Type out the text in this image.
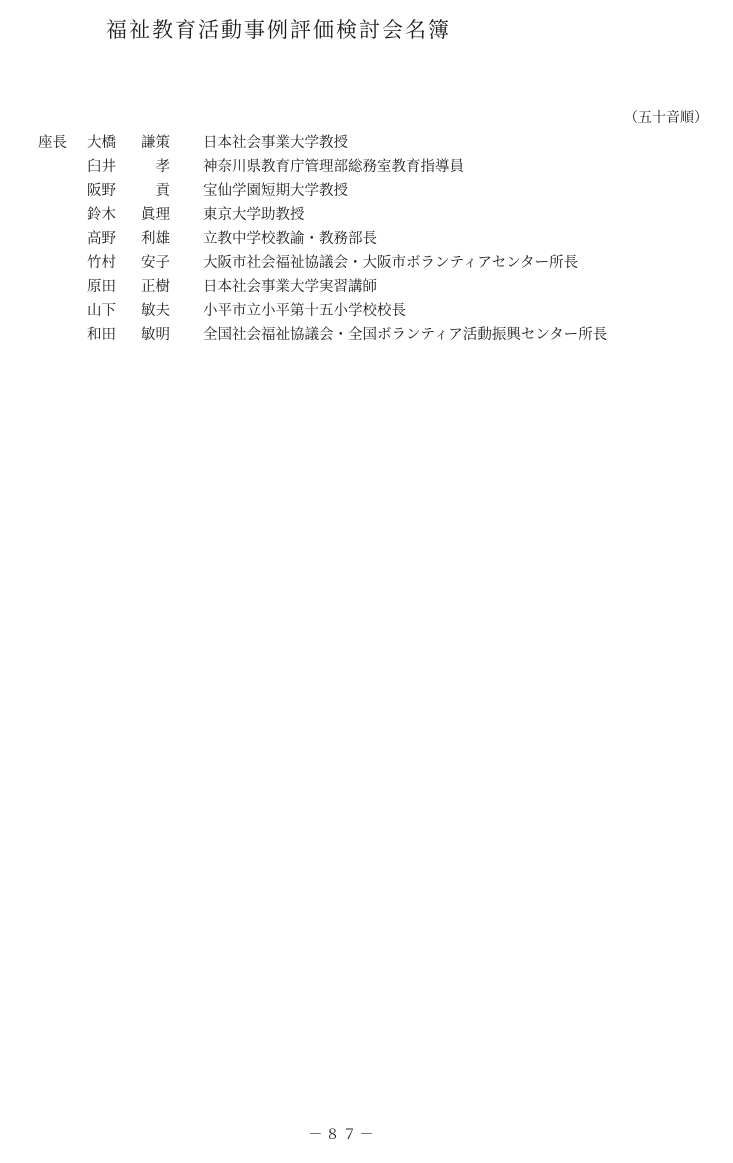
福祉教育活動事例評価検討会名簿
（五十音順）
座長 大橋 謙策 日本社会事業大学教授
臼井	孝 神奈川県教育庁管理部総務室教育指導員
阪野	貢 宝仙学園短期大学教授
鈴木 眞理 東京大学助教授
高野 利雄 立教中学校教諭・教務部長
竹村 安子 大阪市社会福祉協議会・大阪市ボランティアセンター所長
原田 正樹 日本社会事業大学実習講師
山下 敏夫 小平市立小平第十五小学校校長
和田 敏明 全国社会福祉協議会・全国ボランティア活動振興センター所長
－８７－
